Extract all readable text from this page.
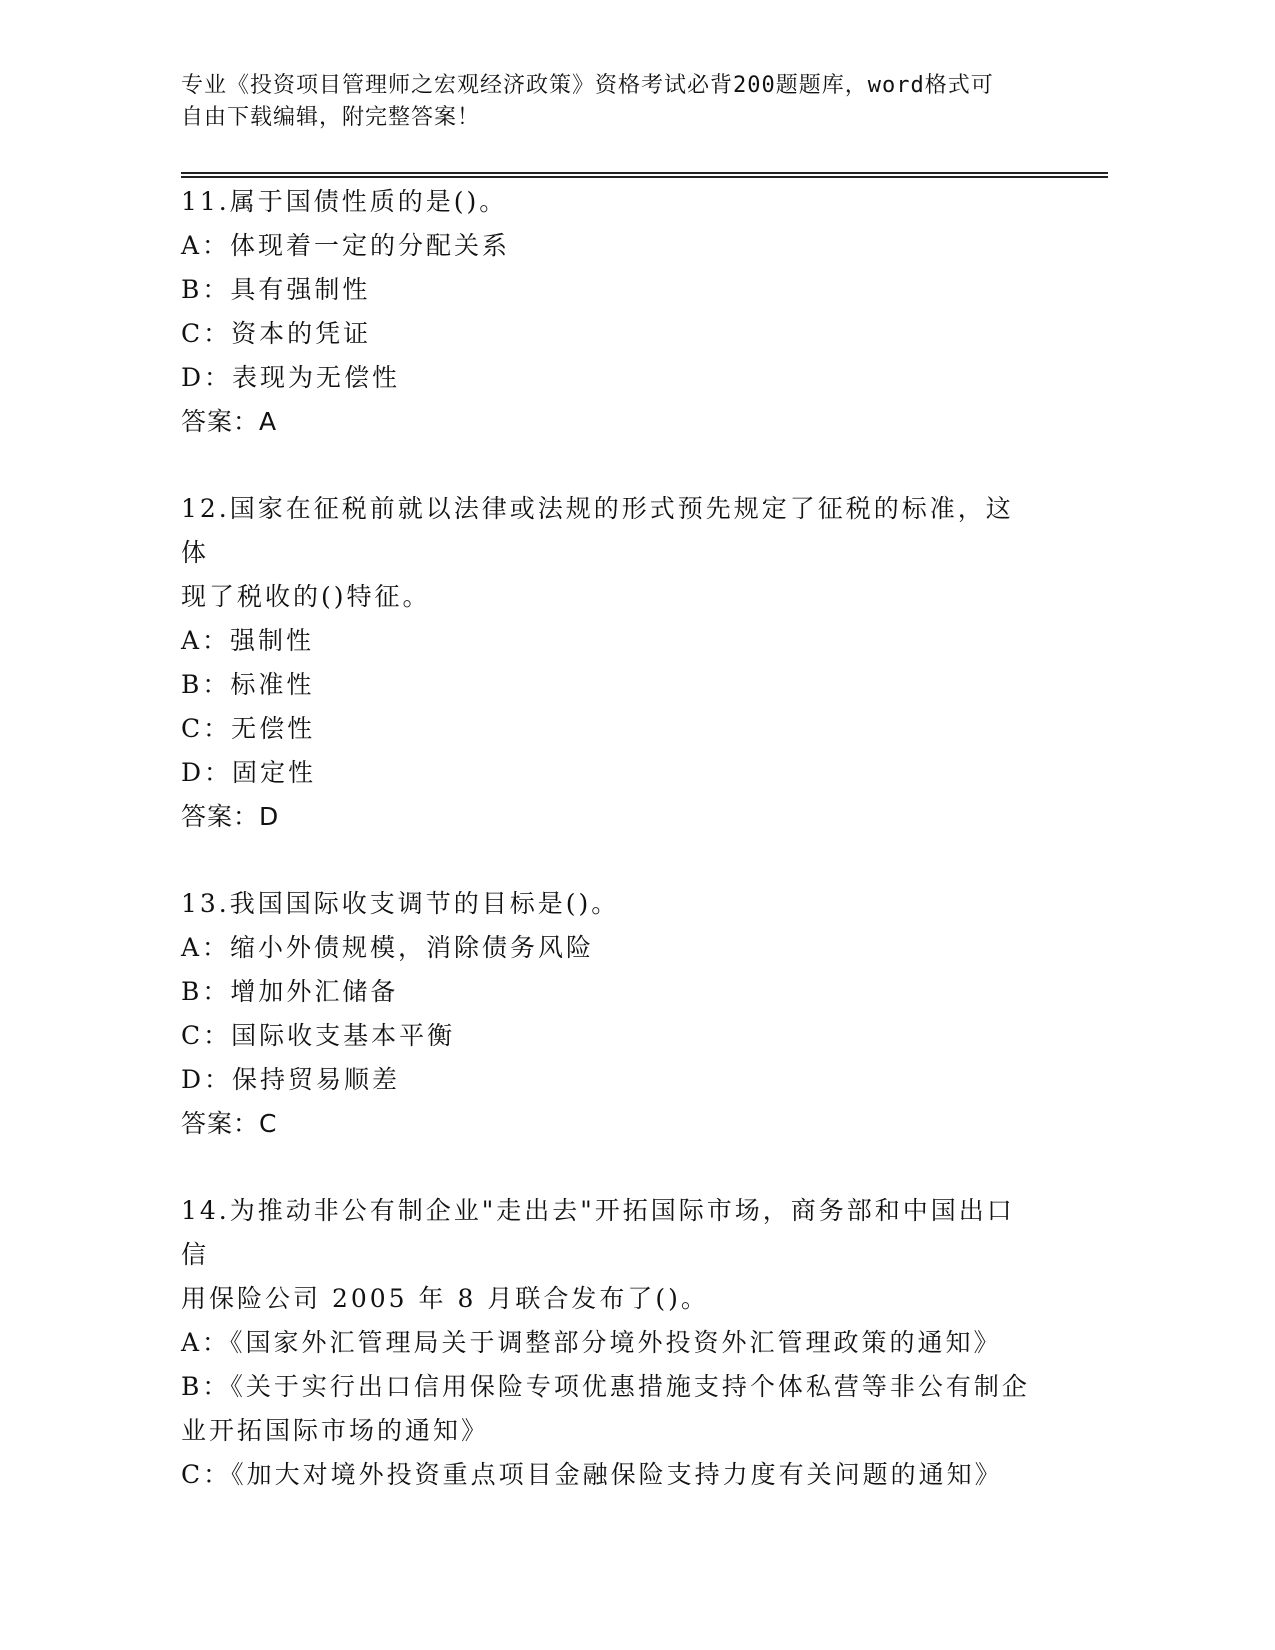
专业《投资项目管理师之宏观经济政策》资格考试必背200题题库，word格式可
自由下载编辑，附完整答案！
11.属于国债性质的是()。
A：体现着一定的分配关系
B：具有强制性
C：资本的凭证
D：表现为无偿性
答案：A
12.国家在征税前就以法律或法规的形式预先规定了征税的标准，这体
现了税收的()特征。
A：强制性
B：标准性
C：无偿性
D：固定性
答案：D
13.我国国际收支调节的目标是()。
A：缩小外债规模，消除债务风险
B：增加外汇储备
C：国际收支基本平衡
D：保持贸易顺差
答案：C
14.为推动非公有制企业"走出去"开拓国际市场，商务部和中国出口信
用保险公司 2005 年 8 月联合发布了()。
A：《国家外汇管理局关于调整部分境外投资外汇管理政策的通知》
B：《关于实行出口信用保险专项优惠措施支持个体私营等非公有制企
业开拓国际市场的通知》
C：《加大对境外投资重点项目金融保险支持力度有关问题的通知》
